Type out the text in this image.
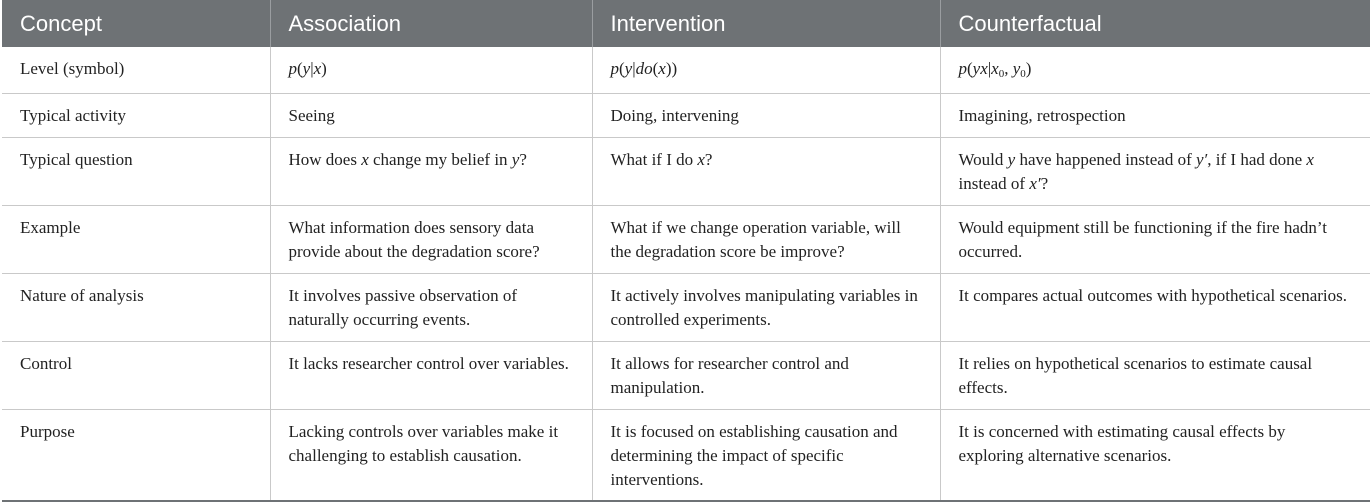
Concept	Association	Intervention	Counterfactual
Level (symbol)	p(y|x)	p(y|do(x))	$p(yx|x_0$, $y_0$)
Typical activity	Seeing	Doing, intervening	Imagining, retrospection
Typical question	How does x change my belief in y?	What if I do x?	Would y have happened instead of y′, if I had done x instead of x′?
Example	What information does sensory data provide about the degradation score?	What if we change operation variable, will the degradation score be improve?	Would equipment still be functioning if the fire hadn’t occurred.
Nature of analysis	It involves passive observation of naturally occurring events.	It actively involves manipulating variables in controlled experiments.	It compares actual outcomes with hypothetical scenarios.
Control	It lacks researcher control over variables.	It allows for researcher control and manipulation.	It relies on hypothetical scenarios to estimate causal effects.
Purpose	Lacking controls over variables make it challenging to establish causation.	It is focused on establishing causation and determining the impact of specific interventions.	It is concerned with estimating causal effects by exploring alternative scenarios.
